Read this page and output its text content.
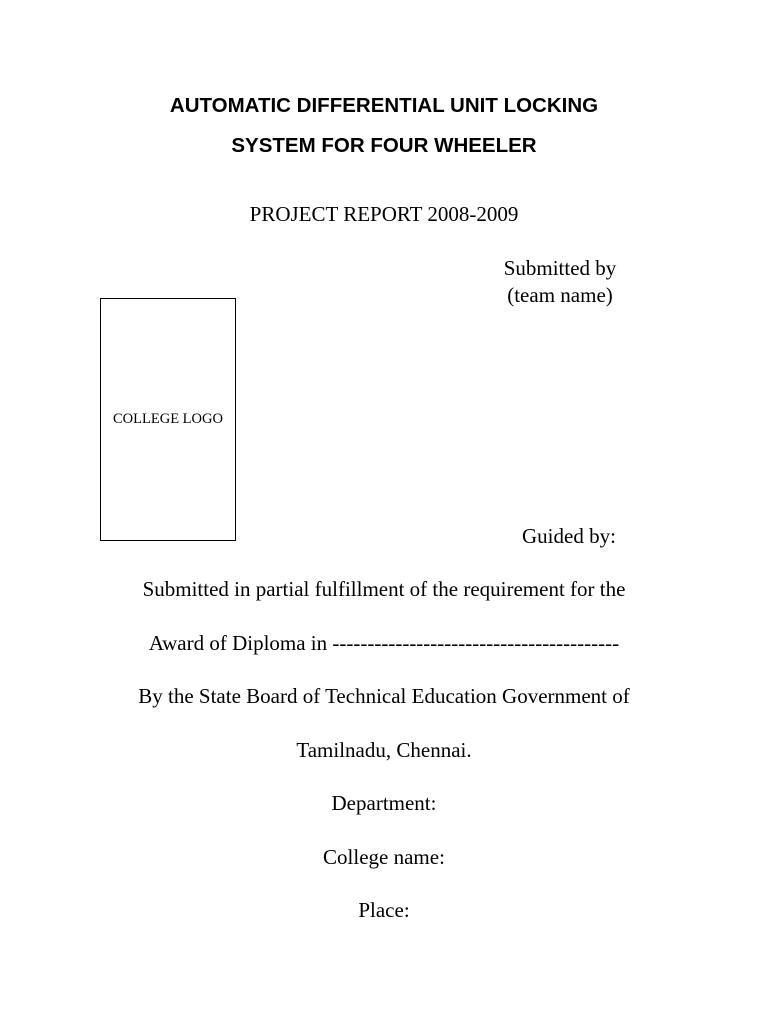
AUTOMATIC DIFFERENTIAL UNIT LOCKING
SYSTEM FOR FOUR WHEELER
PROJECT REPORT 2008-2009
Submitted by
(team name)
COLLEGE LOGO
Guided by:
Submitted in partial fulfillment of the requirement for the
Award of Diploma in -----------------------------------------
By the State Board of Technical Education Government of
Tamilnadu, Chennai.
Department:
College name:
Place:
